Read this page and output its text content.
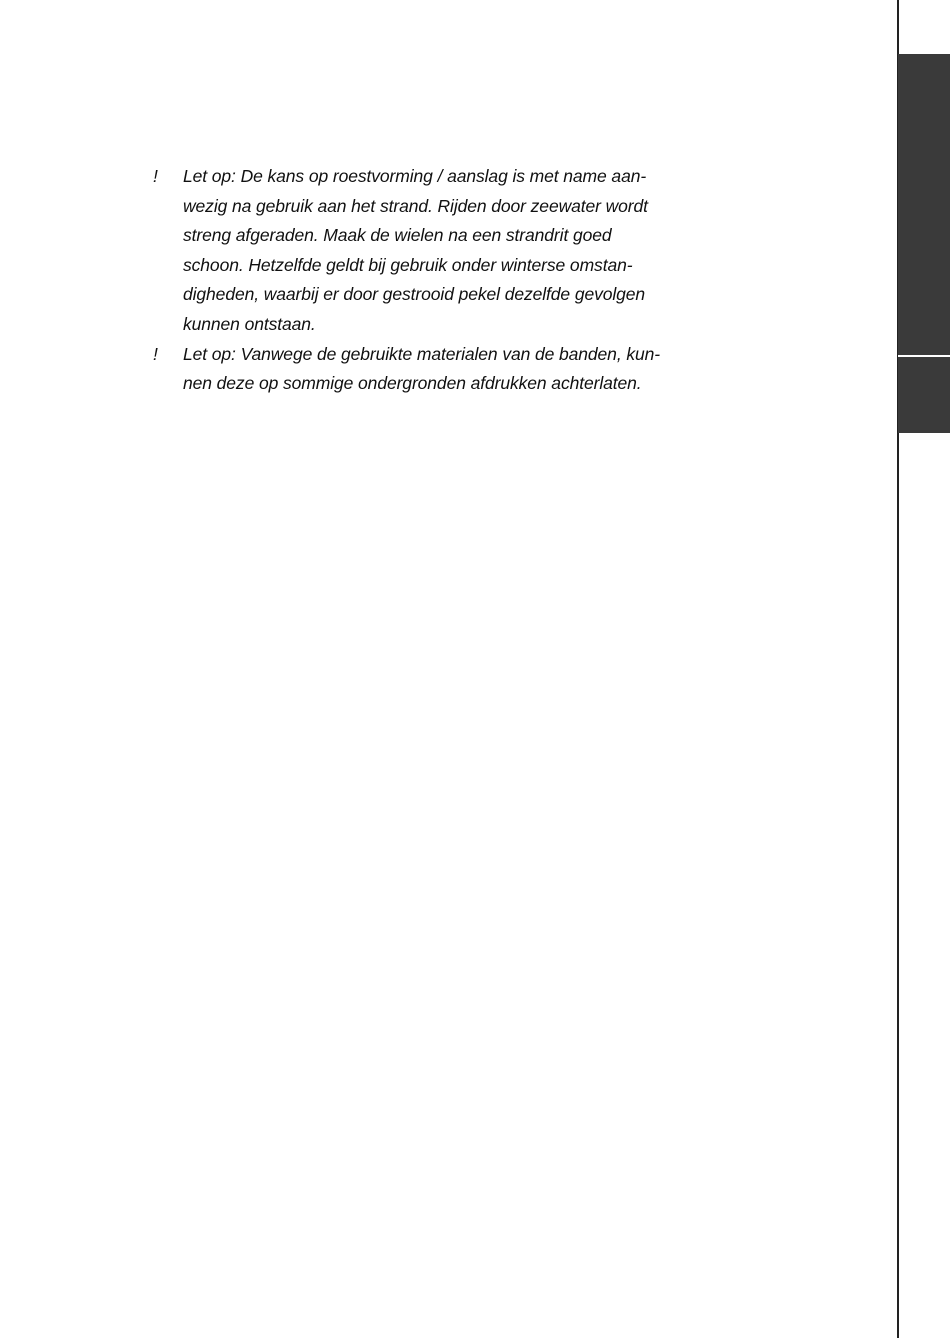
! Let op: De kans op roestvorming / aanslag is met name aan-
wezig na gebruik aan het strand. Rijden door zeewater wordt
streng afgeraden. Maak de wielen na een strandrit goed
schoon. Hetzelfde geldt bij gebruik onder winterse omstan-
digheden, waarbij er door gestrooid pekel dezelfde gevolgen
kunnen ontstaan.
! Let op: Vanwege de gebruikte materialen van de banden, kun-
nen deze op sommige ondergronden afdrukken achterlaten.
